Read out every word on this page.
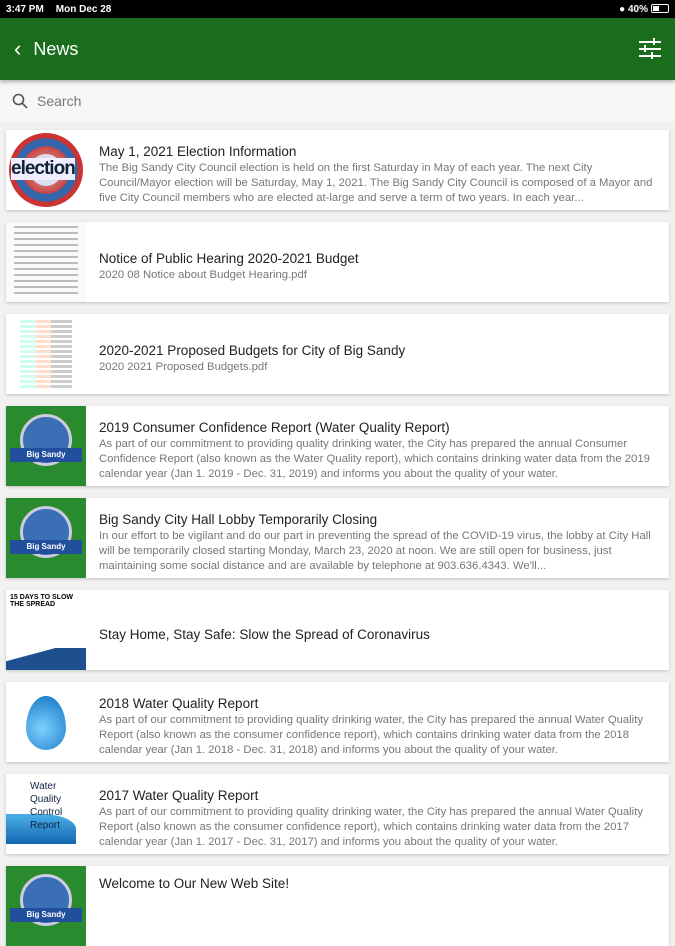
3:47 PM Mon Dec 28	● 40%
‹ News
Search
election
May 1, 2021 Election Information
The Big Sandy City Council election is held on the first Saturday in May of each year. The next City Council/Mayor election will be Saturday, May 1, 2021. The Big Sandy City Council is composed of a Mayor and five City Council members who are elected at-large and serve a term of two years. In each year...
Notice of Public Hearing 2020-2021 Budget
2020 08 Notice about Budget Hearing.pdf
2020-2021 Proposed Budgets for City of Big Sandy
2020 2021 Proposed Budgets.pdf
Big Sandy
2019 Consumer Confidence Report (Water Quality Report)
As part of our commitment to providing quality drinking water, the City has prepared the annual Consumer Confidence Report (also known as the Water Quality report), which contains drinking water data from the 2019 calendar year (Jan 1. 2019 - Dec. 31, 2019) and informs you about the quality of your water.
Big Sandy
Big Sandy City Hall Lobby Temporarily Closing
In our effort to be vigilant and do our part in preventing the spread of the COVID-19 virus, the lobby at City Hall will be temporarily closed starting Monday, March 23, 2020 at noon. We are still open for business, just maintaining some social distance and are available by telephone at 903.636.4343. We'll...
15 DAYS TO SLOW THE SPREAD
Stay Home, Stay Safe: Slow the Spread of Coronavirus
2018 Water Quality Report
As part of our commitment to providing quality drinking water, the City has prepared the annual Water Quality Report (also known as the consumer confidence report), which contains drinking water data from the 2018 calendar year (Jan 1. 2018 - Dec. 31, 2018) and informs you about the quality of your water.
Water Quality Control Report
2017 Water Quality Report
As part of our commitment to providing quality drinking water, the City has prepared the annual Water Quality Report (also known as the consumer confidence report), which contains drinking water data from the 2017 calendar year (Jan 1. 2017 - Dec. 31, 2017) and informs you about the quality of your water.
Big Sandy
Welcome to Our New Web Site!
